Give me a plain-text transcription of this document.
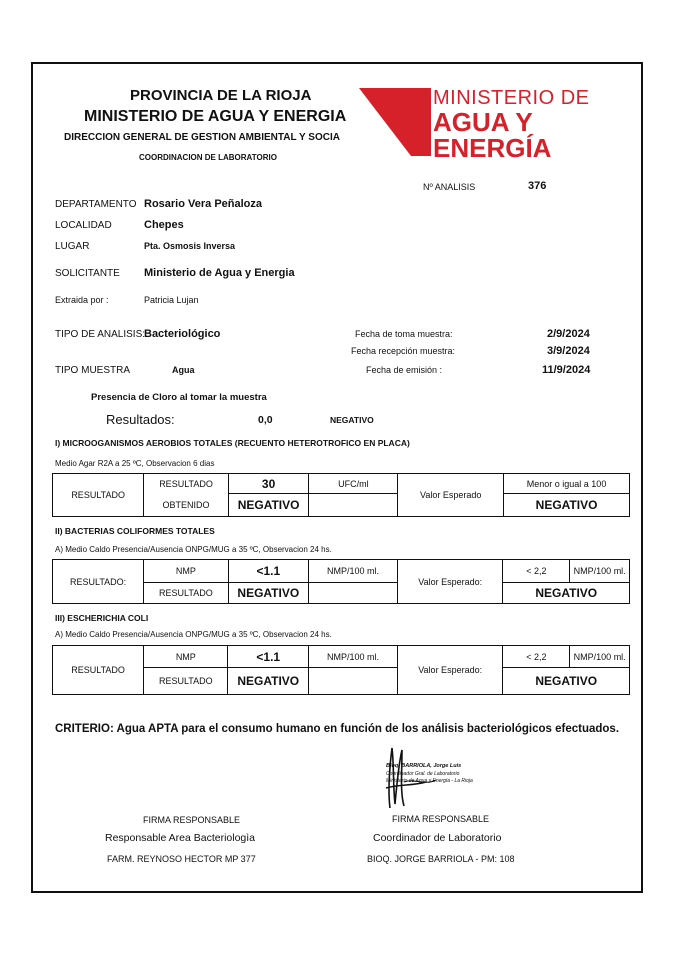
PROVINCIA DE LA RIOJA
MINISTERIO DE AGUA Y ENERGIA
DIRECCION GENERAL DE GESTION AMBIENTAL Y SOCIA
COORDINACION DE LABORATORIO
MINISTERIO DE
AGUA Y
ENERGÍA
Nº ANALISIS	376
DEPARTAMENTO Rosario Vera Peñaloza
LOCALIDAD	Chepes
LUGAR	Pta. Osmosis Inversa
SOLICITANTE Ministerio de Agua y Energia
Extraida por :	Patricia Lujan
TIPO DE ANALISIS:
Bacteriológico
TIPO MUESTRA	Agua
Fecha de toma muestra:	2/9/2024
Fecha recepción muestra:	3/9/2024
Fecha de emisión :	11/9/2024
Presencia de Cloro al tomar la muestra
Resultados:	0,0	NEGATIVO
I) MICROOGANISMOS AEROBIOS TOTALES (RECUENTO HETEROTROFICO EN PLACA)
Medio Agar R2A a 25 ºC, Observacion 6 dias
RESULTADO	RESULTADO	30	UFC/ml	Valor Esperado	Menor o igual a 100
	OBTENIDO	NEGATIVO			NEGATIVO
II) BACTERIAS COLIFORMES TOTALES
A) Medio Caldo Presencia/Ausencia ONPG/MUG a 35 ºC, Observacion 24 hs.
RESULTADO:	NMP	<1.1	NMP/100 ml.	Valor Esperado:	< 2,2	NMP/100 ml.
	RESULTADO	NEGATIVO			NEGATIVO	
III) ESCHERICHIA COLI
A) Medio Caldo Presencia/Ausencia ONPG/MUG a 35 ºC, Observacion 24 hs.
RESULTADO	NMP	<1.1	NMP/100 ml.	Valor Esperado:	< 2,2	NMP/100 ml.
	RESULTADO	NEGATIVO			NEGATIVO	
CRITERIO: Agua APTA para el consumo humano en función de los análisis bacteriológicos efectuados.
Bioq. BARRIOLA, Jorge Luis
Coordinador Gral. de Laboratorio
Ministerio de Agua y Energía - La Rioja
FIRMA RESPONSABLE
Responsable Area Bacteriologìa
FARM. REYNOSO HECTOR MP 377
FIRMA RESPONSABLE
Coordinador de Laboratorio
BIOQ. JORGE BARRIOLA - PM: 108
